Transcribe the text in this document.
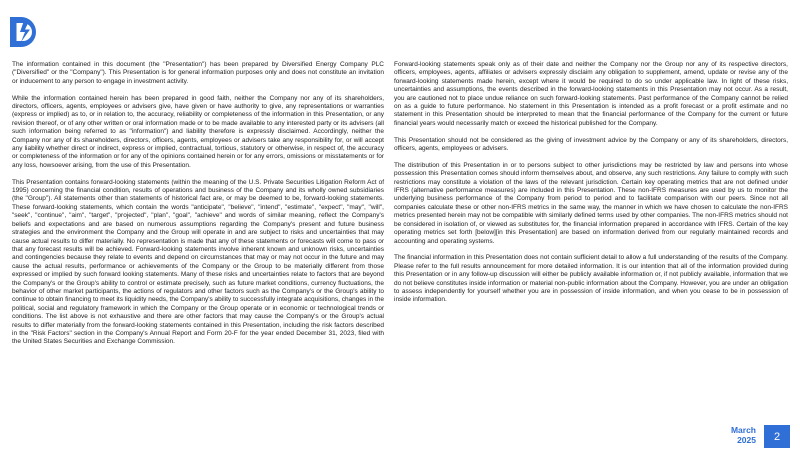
The information contained in this document (the "Presentation") has been prepared by Diversified Energy Company PLC ("Diversified" or the "Company"). This Presentation is for general information purposes only and does not constitute an invitation or inducement to any person to engage in investment activity.

While the information contained herein has been prepared in good faith, neither the Company nor any of its shareholders, directors, officers, agents, employees or advisers give, have given or have authority to give, any representations or warranties (express or implied) as to, or in relation to, the accuracy, reliability or completeness of the information in this Presentation, or any revision thereof, or of any other written or oral information made or to be made available to any interested party or its advisers (all such information being referred to as "information") and liability therefore is expressly disclaimed. Accordingly, neither the Company nor any of its shareholders, directors, officers, agents, employees or advisers take any responsibility for, or will accept any liability whether direct or indirect, express or implied, contractual, tortious, statutory or otherwise, in respect of, the accuracy or completeness of the information or for any of the opinions contained herein or for any errors, omissions or misstatements or for any loss, howsoever arising, from the use of this Presentation.

This Presentation contains forward-looking statements (within the meaning of the U.S. Private Securities Litigation Reform Act of 1995) concerning the financial condition, results of operations and business of the Company and its wholly owned subsidiaries (the "Group"). All statements other than statements of historical fact are, or may be deemed to be, forward-looking statements. These forward-looking statements, which contain the words "anticipate", "believe", "intend", "estimate", "expect", "may", "will", "seek", "continue", "aim", "target", "projected", "plan", "goal", "achieve" and words of similar meaning, reflect the Company's beliefs and expectations and are based on numerous assumptions regarding the Company's present and future business strategies and the environment the Company and the Group will operate in and are subject to risks and uncertainties that may cause actual results to differ materially. No representation is made that any of these statements or forecasts will come to pass or that any forecast results will be achieved. Forward-looking statements involve inherent known and unknown risks, uncertainties and contingencies because they relate to events and depend on circumstances that may or may not occur in the future and may cause the actual results, performance or achievements of the Company or the Group to be materially different from those expressed or implied by such forward looking statements. Many of these risks and uncertainties relate to factors that are beyond the Company's or the Group's ability to control or estimate precisely, such as future market conditions, currency fluctuations, the behavior of other market participants, the actions of regulators and other factors such as the Company's or the Group's ability to continue to obtain financing to meet its liquidity needs, the Company's ability to successfully integrate acquisitions, changes in the political, social and regulatory framework in which the Company or the Group operate or in economic or technological trends or conditions. The list above is not exhaustive and there are other factors that may cause the Company's or the Group's actual results to differ materially from the forward-looking statements contained in this Presentation, including the risk factors described in the "Risk Factors" section in the Company's Annual Report and Form 20-F for the year ended December 31, 2023, filed with the United States Securities and Exchange Commission.

Forward-looking statements speak only as of their date and neither the Company nor the Group nor any of its respective directors, officers, employees, agents, affiliates or advisers expressly disclaim any obligation to supplement, amend, update or revise any of the forward-looking statements made herein, except where it would be required to do so under applicable law. In light of these risks, uncertainties and assumptions, the events described in the forward-looking statements in this Presentation may not occur. As a result, you are cautioned not to place undue reliance on such forward-looking statements. Past performance of the Company cannot be relied on as a guide to future performance. No statement in this Presentation is intended as a profit forecast or a profit estimate and no statement in this Presentation should be interpreted to mean that the financial performance of the Company for the current or future financial years would necessarily match or exceed the historical published for the Company.

This Presentation should not be considered as the giving of investment advice by the Company or any of its shareholders, directors, officers, agents, employees or advisers.

The distribution of this Presentation in or to persons subject to other jurisdictions may be restricted by law and persons into whose possession this Presentation comes should inform themselves about, and observe, any such restrictions. Any failure to comply with such restrictions may constitute a violation of the laws of the relevant jurisdiction. Certain key operating metrics that are not defined under IFRS (alternative performance measures) are included in this Presentation. These non-IFRS measures are used by us to monitor the underlying business performance of the Company from period to period and to facilitate comparison with our peers. Since not all companies calculate these or other non-IFRS metrics in the same way, the manner in which we have chosen to calculate the non-IFRS metrics presented herein may not be compatible with similarly defined terms used by other companies. The non-IFRS metrics should not be considered in isolation of, or viewed as substitutes for, the financial information prepared in accordance with IFRS. Certain of the key operating metrics set forth [below][in this Presentation] are based on information derived from our regularly maintained records and accounting and operating systems.

The financial information in this Presentation does not contain sufficient detail to allow a full understanding of the results of the Company. Please refer to the full results announcement for more detailed information. It is our intention that all of the information provided during this Presentation or in any follow-up discussion will either be publicly available information or, if not publicly available, information that we do not believe constitutes inside information or material non-public information about the Company. However, you are under an obligation to assess independently for yourself whether you are in possession of inside information, and when you cease to be in possession of inside information.

March
2025 2
